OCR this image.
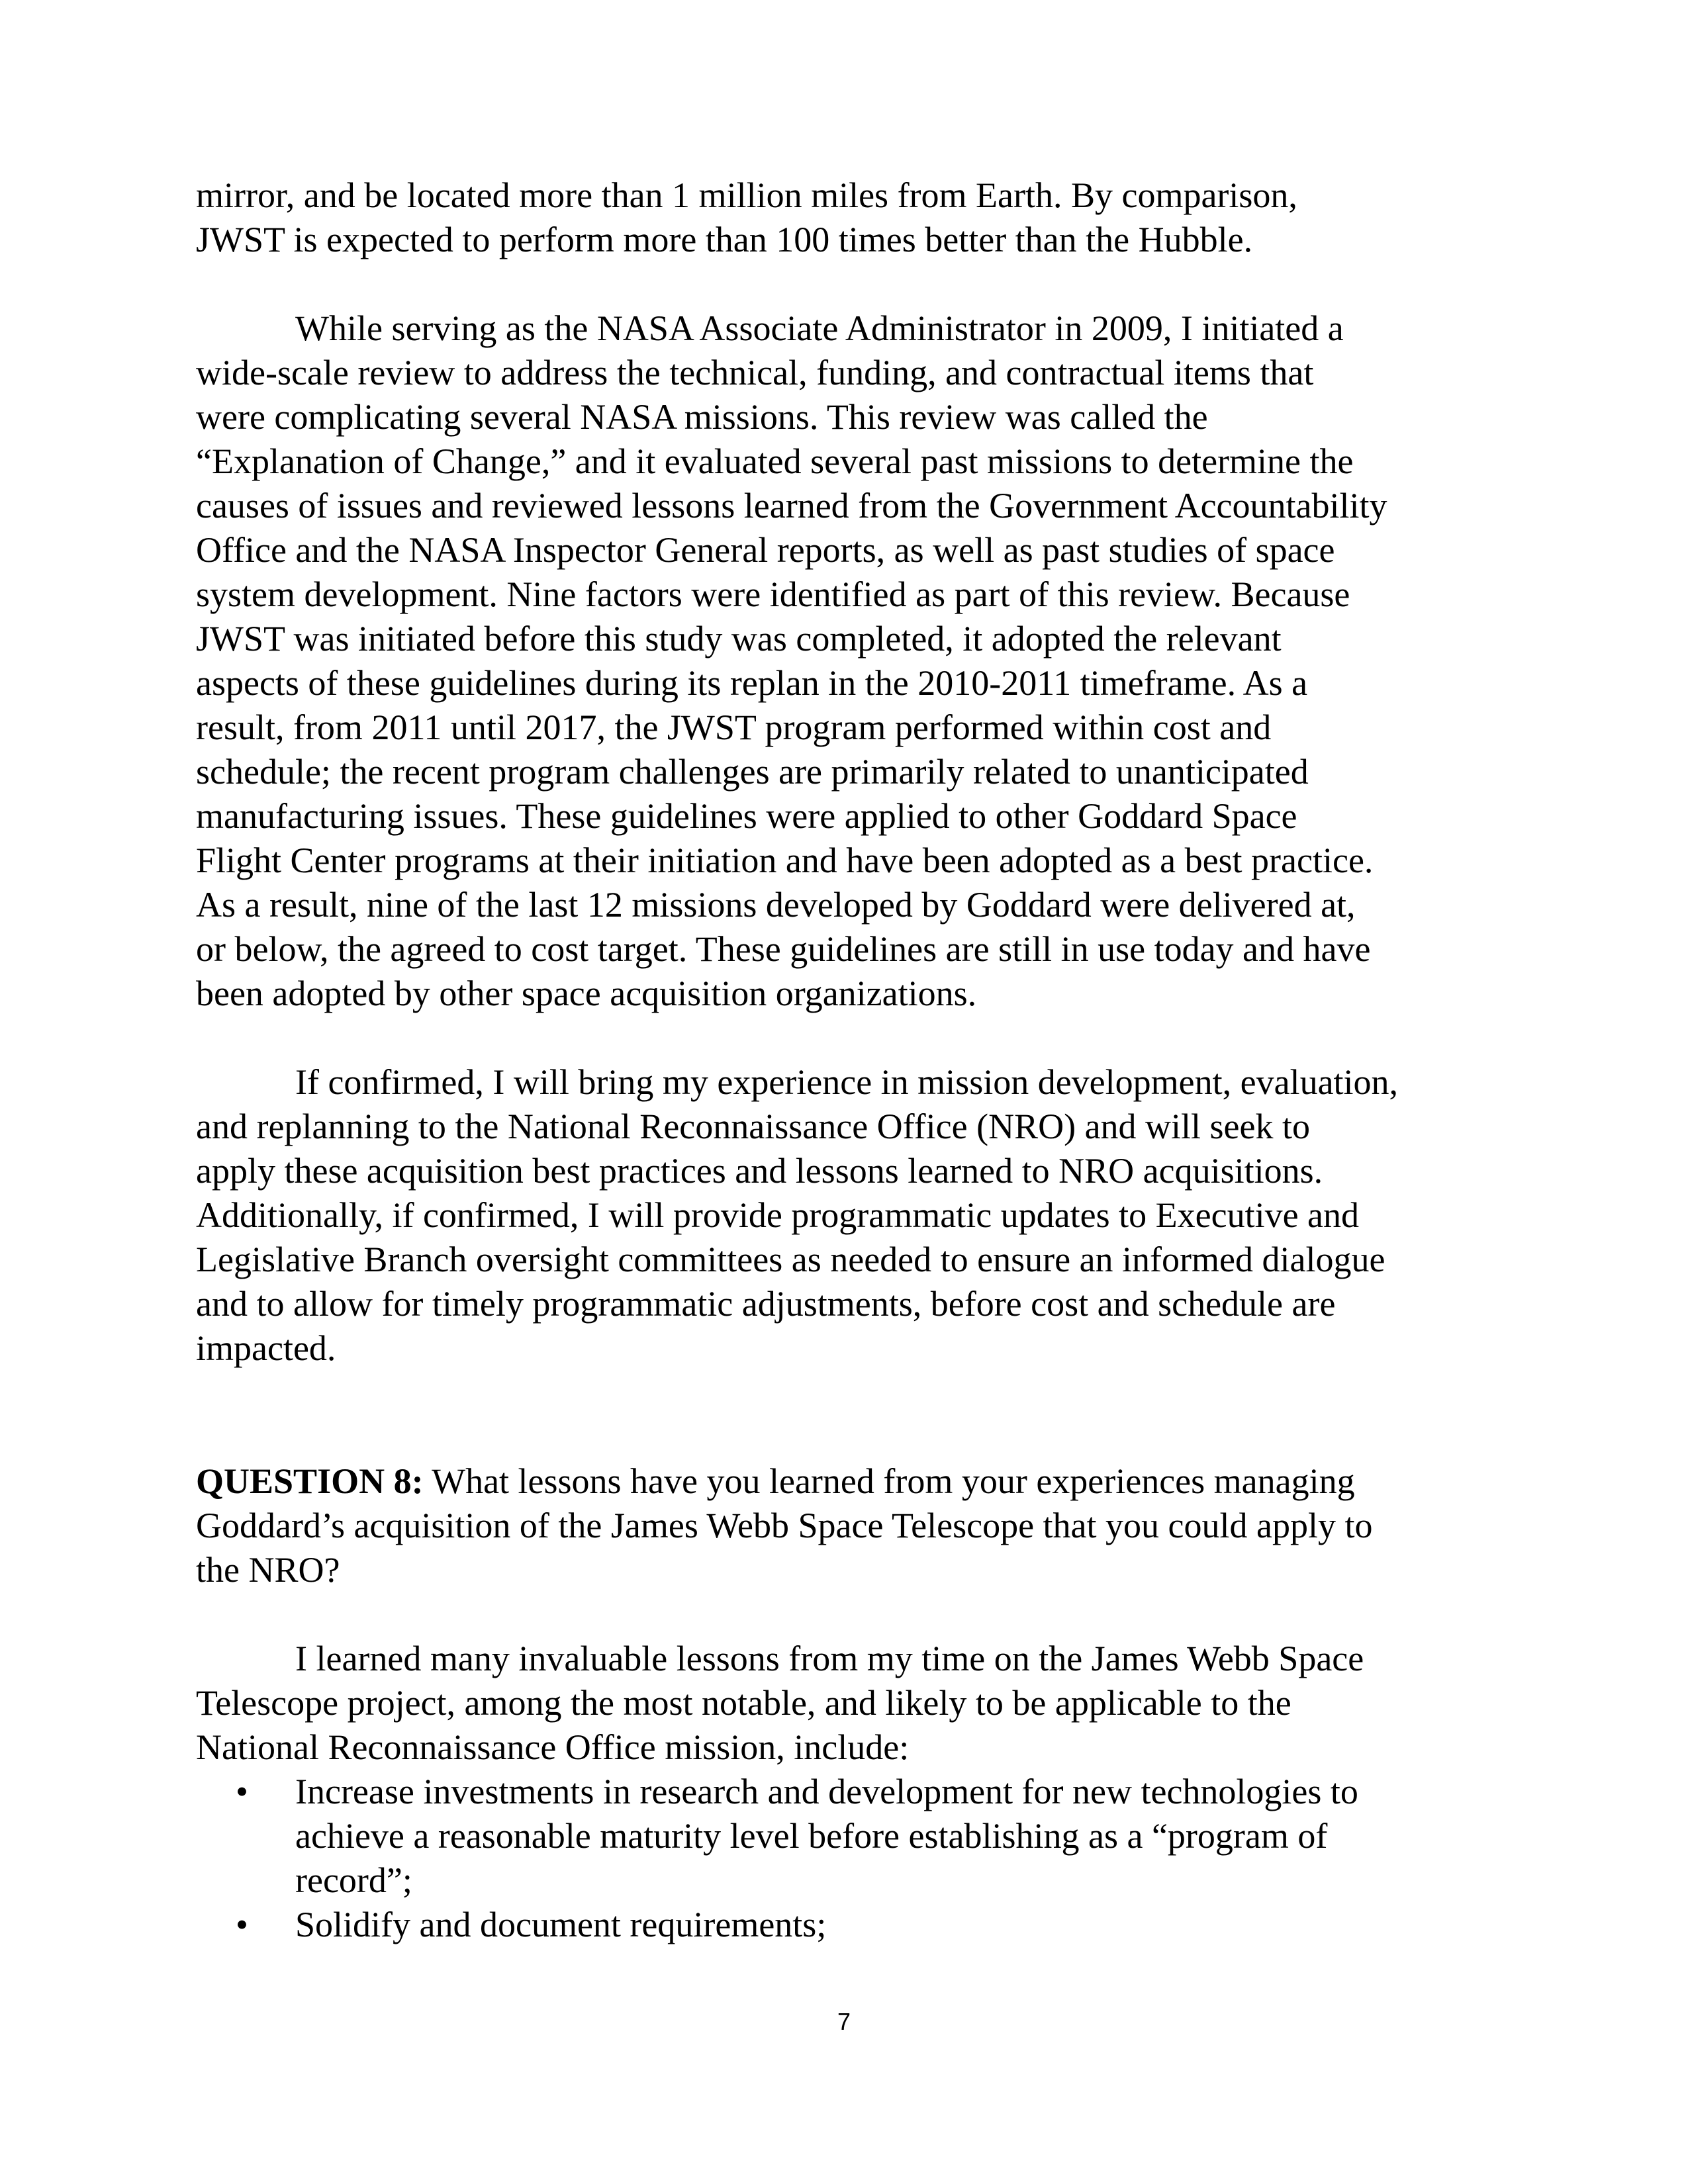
mirror, and be located more than 1 million miles from Earth. By comparison,
JWST is expected to perform more than 100 times better than the Hubble.
While serving as the NASA Associate Administrator in 2009, I initiated a
wide-scale review to address the technical, funding, and contractual items that
were complicating several NASA missions. This review was called the
“Explanation of Change,” and it evaluated several past missions to determine the
causes of issues and reviewed lessons learned from the Government Accountability
Office and the NASA Inspector General reports, as well as past studies of space
system development. Nine factors were identified as part of this review. Because
JWST was initiated before this study was completed, it adopted the relevant
aspects of these guidelines during its replan in the 2010-2011 timeframe. As a
result, from 2011 until 2017, the JWST program performed within cost and
schedule; the recent program challenges are primarily related to unanticipated
manufacturing issues. These guidelines were applied to other Goddard Space
Flight Center programs at their initiation and have been adopted as a best practice.
As a result, nine of the last 12 missions developed by Goddard were delivered at,
or below, the agreed to cost target. These guidelines are still in use today and have
been adopted by other space acquisition organizations.
If confirmed, I will bring my experience in mission development, evaluation,
and replanning to the National Reconnaissance Office (NRO) and will seek to
apply these acquisition best practices and lessons learned to NRO acquisitions.
Additionally, if confirmed, I will provide programmatic updates to Executive and
Legislative Branch oversight committees as needed to ensure an informed dialogue
and to allow for timely programmatic adjustments, before cost and schedule are
impacted.
QUESTION 8: What lessons have you learned from your experiences managing
Goddard’s acquisition of the James Webb Space Telescope that you could apply to
the NRO?
I learned many invaluable lessons from my time on the James Webb Space
Telescope project, among the most notable, and likely to be applicable to the
National Reconnaissance Office mission, include:
• Increase investments in research and development for new technologies to
achieve a reasonable maturity level before establishing as a “program of
record”;
• Solidify and document requirements;
7
